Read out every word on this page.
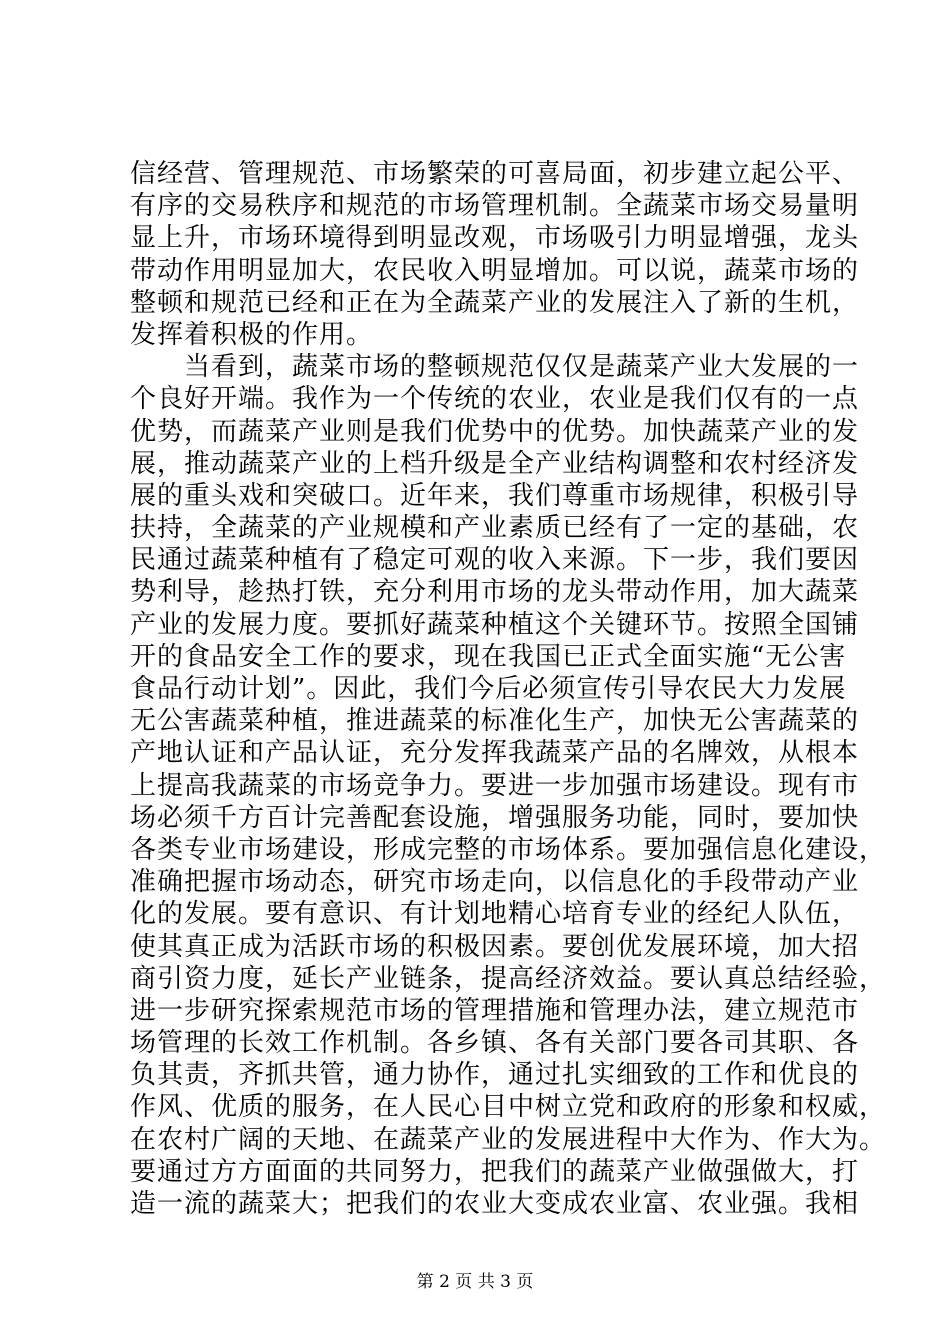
信经营、管理规范、市场繁荣的可喜局面，初步建立起公平、
有序的交易秩序和规范的市场管理机制。全蔬菜市场交易量明
显上升，市场环境得到明显改观，市场吸引力明显增强，龙头
带动作用明显加大，农民收入明显增加。可以说，蔬菜市场的
整顿和规范已经和正在为全蔬菜产业的发展注入了新的生机，
发挥着积极的作用。
　　当看到，蔬菜市场的整顿规范仅仅是蔬菜产业大发展的一
个良好开端。我作为一个传统的农业，农业是我们仅有的一点
优势，而蔬菜产业则是我们优势中的优势。加快蔬菜产业的发
展，推动蔬菜产业的上档升级是全产业结构调整和农村经济发
展的重头戏和突破口。近年来，我们尊重市场规律，积极引导
扶持，全蔬菜的产业规模和产业素质已经有了一定的基础，农
民通过蔬菜种植有了稳定可观的收入来源。下一步，我们要因
势利导，趁热打铁，充分利用市场的龙头带动作用，加大蔬菜
产业的发展力度。要抓好蔬菜种植这个关键环节。按照全国铺
开的食品安全工作的要求，现在我国已正式全面实施“无公害
食品行动计划”。因此，我们今后必须宣传引导农民大力发展
无公害蔬菜种植，推进蔬菜的标准化生产，加快无公害蔬菜的
产地认证和产品认证，充分发挥我蔬菜产品的名牌效，从根本
上提高我蔬菜的市场竞争力。要进一步加强市场建设。现有市
场必须千方百计完善配套设施，增强服务功能，同时，要加快
各类专业市场建设，形成完整的市场体系。要加强信息化建设，
准确把握市场动态，研究市场走向，以信息化的手段带动产业
化的发展。要有意识、有计划地精心培育专业的经纪人队伍，
使其真正成为活跃市场的积极因素。要创优发展环境，加大招
商引资力度，延长产业链条，提高经济效益。要认真总结经验，
进一步研究探索规范市场的管理措施和管理办法，建立规范市
场管理的长效工作机制。各乡镇、各有关部门要各司其职、各
负其责，齐抓共管，通力协作，通过扎实细致的工作和优良的
作风、优质的服务，在人民心目中树立党和政府的形象和权威，
在农村广阔的天地、在蔬菜产业的发展进程中大作为、作大为。
要通过方方面面的共同努力，把我们的蔬菜产业做强做大，打
造一流的蔬菜大；把我们的农业大变成农业富、农业强。我相
第 2 页 共 3 页
